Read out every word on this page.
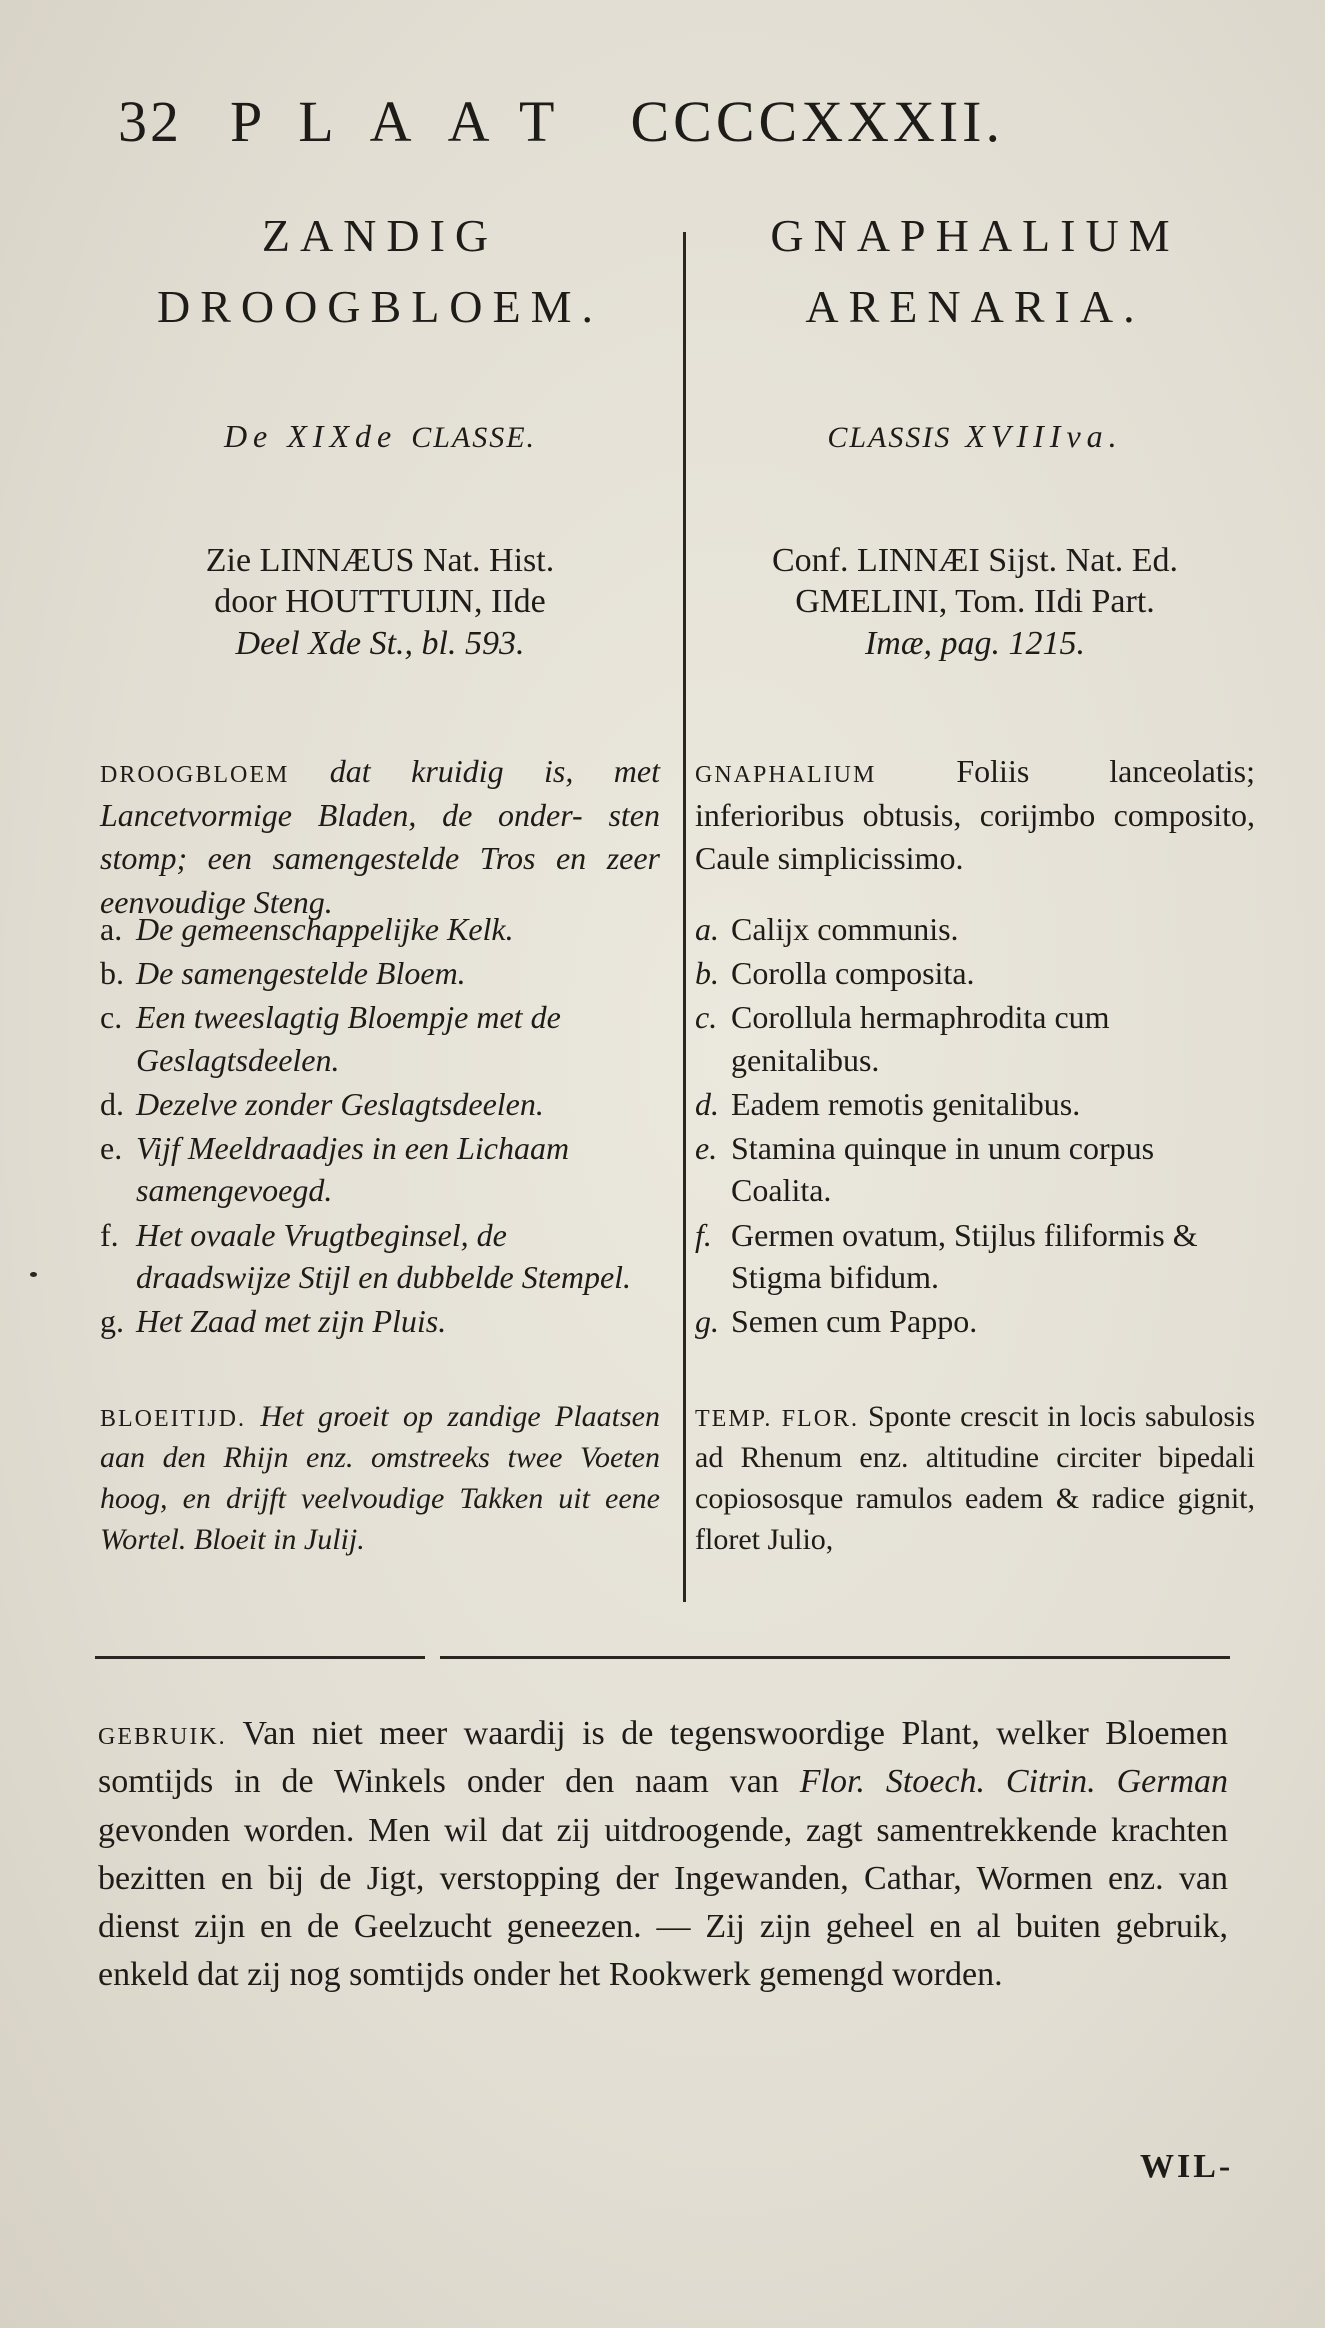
32 PLAAT CCCCXXXII.
ZANDIG
DROOGBLOEM.
De XIXde CLASSE.
Zie LINNÆUS Nat. Hist.
door HOUTTUIJN, IIde
Deel Xde St., bl. 593.
DROOGBLOEM dat kruidig is, met Lancetvormige Bladen, de onder- sten stomp; een samengestelde Tros en zeer eenvoudige Steng.
a. De gemeenschappelijke Kelk.
b. De samengestelde Bloem.
c. Een tweeslagtig Bloempje met de Geslagtsdeelen.
d. Dezelve zonder Geslagtsdeelen.
e. Vijf Meeldraadjes in een Lichaam samengevoegd.
f. Het ovaale Vrugtbeginsel, de draadswijze Stijl en dubbelde Stempel.
g. Het Zaad met zijn Pluis.
BLOEITIJD. Het groeit op zandige Plaatsen aan den Rhijn enz. omstreeks twee Voeten hoog, en drijft veelvoudige Takken uit eene Wortel. Bloeit in Julij.
GNAPHALIUM
ARENARIA.
CLASSIS XVIIIva.
Conf. LINNÆI Sijst. Nat. Ed.
GMELINI, Tom. IIdi Part.
Imæ, pag. 1215.
GNAPHALIUM	Foliis lanceolatis; inferioribus obtusis, corijmbo composito, Caule simplicissimo.
a. Calijx communis.
b. Corolla composita.
c. Corollula hermaphrodita cum genitalibus.
d. Eadem remotis genitalibus.
e. Stamina quinque in unum corpus Coalita.
f. Germen ovatum, Stijlus filiformis & Stigma bifidum.
g. Semen cum Pappo.
TEMP. FLOR. Sponte crescit in locis sabulosis ad Rhenum enz. altitudine circiter bipedali copiososque ramulos eadem & radice gignit, floret Julio,
GEBRUIK. Van niet meer waardij is de tegenswoordige Plant, welker Bloemen somtijds in de Winkels onder den naam van Flor. Stoech. Citrin. German gevonden worden. Men wil dat zij uitdroogende, zagt samentrekkende krachten bezitten en bij de Jigt, verstopping der Ingewanden, Cathar, Wormen enz. van dienst zijn en de Geelzucht geneezen. — Zij zijn geheel en al buiten gebruik, enkeld dat zij nog somtijds onder het Rookwerk gemengd worden.
WIL-
